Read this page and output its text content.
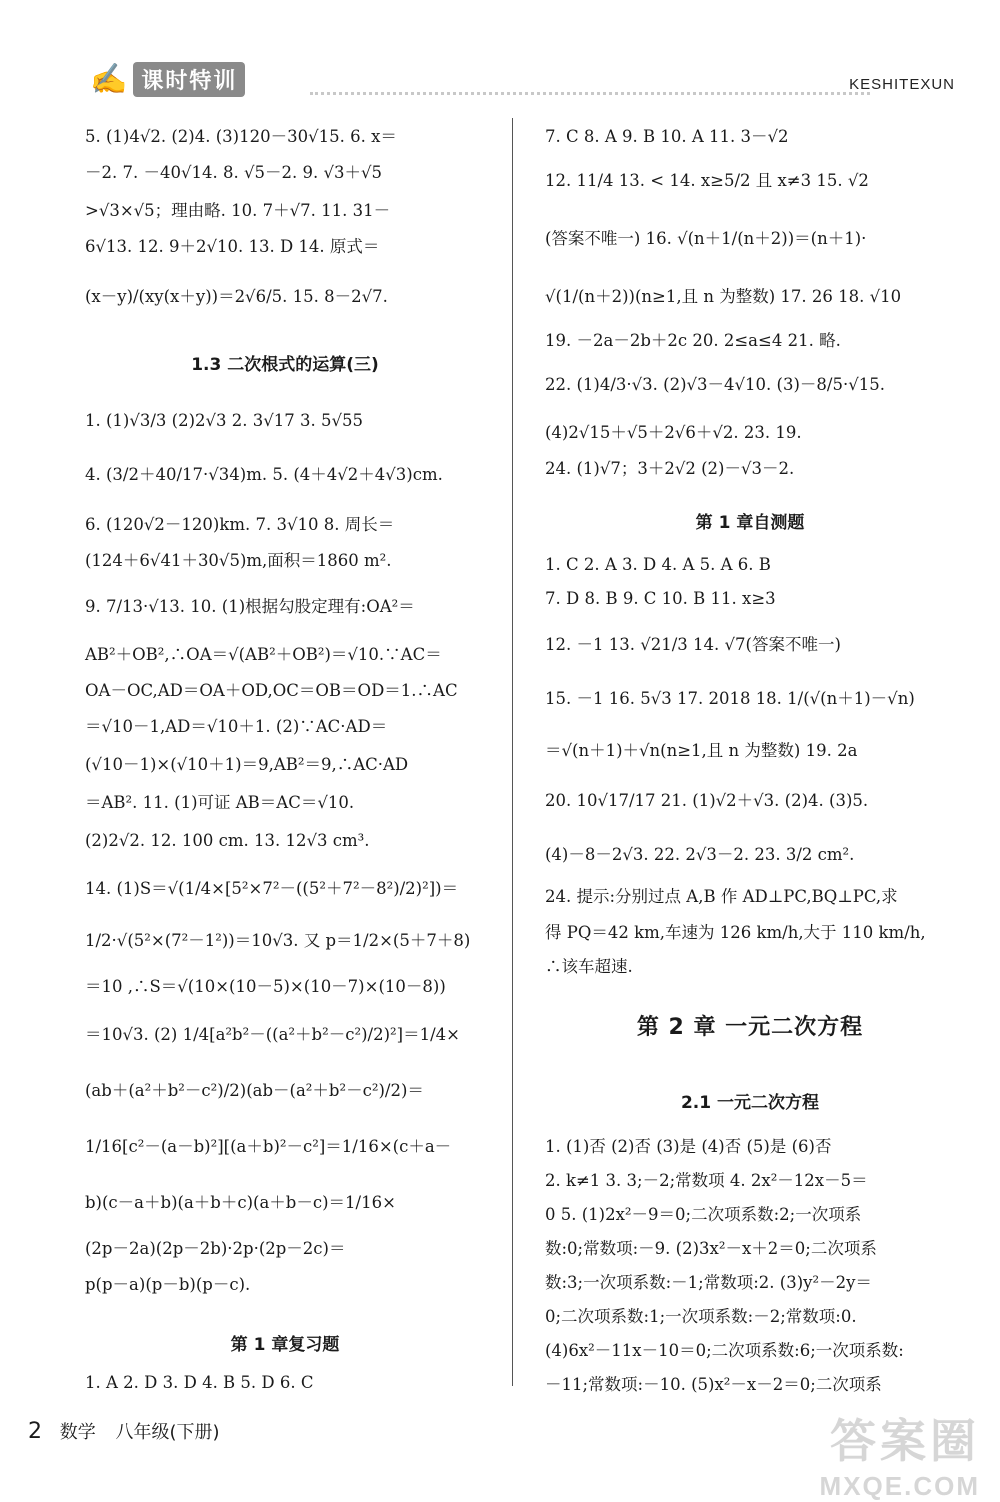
✍ 课时特训	KESHITEXUN
5. (1)4√2. (2)4. (3)120－30√15. 6. x＝
－2. 7. －40√14. 8. √5－2. 9. √3＋√5
>√3×√5；理由略. 10. 7＋√7. 11. 31－
6√13. 12. 9＋2√10. 13. D 14. 原式＝
(x－y)/(xy(x＋y))＝2√6/5. 15. 8－2√7.
1.3 二次根式的运算(三)
1. (1)√3/3 (2)2√3 2. 3√17 3. 5√55
4. (3/2＋40/17·√34)m. 5. (4＋4√2＋4√3)cm.
6. (120√2－120)km. 7. 3√10 8. 周长＝
(124＋6√41＋30√5)m,面积＝1860 m².
9. 7/13·√13. 10. (1)根据勾股定理有:OA²＝
AB²＋OB²,∴OA＝√(AB²＋OB²)＝√10.∵AC＝
OA－OC,AD＝OA＋OD,OC＝OB＝OD＝1.∴AC
＝√10－1,AD＝√10＋1. (2)∵AC·AD＝
(√10－1)×(√10＋1)＝9,AB²＝9,∴AC·AD
＝AB². 11. (1)可证 AB＝AC＝√10.
(2)2√2. 12. 100 cm. 13. 12√3 cm³.
14. (1)S＝√(1/4×[5²×7²－((5²＋7²－8²)/2)²])＝
1/2·√(5²×(7²－1²))＝10√3. 又 p＝1/2×(5＋7＋8)
＝10 ,∴S＝√(10×(10－5)×(10－7)×(10－8))
＝10√3. (2) 1/4[a²b²－((a²＋b²－c²)/2)²]＝1/4×
(ab＋(a²＋b²－c²)/2)(ab－(a²＋b²－c²)/2)＝
1/16[c²－(a－b)²][(a＋b)²－c²]＝1/16×(c＋a－
b)(c－a＋b)(a＋b＋c)(a＋b－c)＝1/16×
(2p－2a)(2p－2b)·2p·(2p－2c)＝
p(p－a)(p－b)(p－c).
第 1 章复习题
1. A 2. D 3. D 4. B 5. D 6. C
7. C 8. A 9. B 10. A 11. 3－√2
12. 11/4 13. < 14. x≥5/2 且 x≠3 15. √2
(答案不唯一) 16. √(n＋1/(n＋2))＝(n＋1)·
√(1/(n＋2))(n≥1,且 n 为整数) 17. 26 18. √10
19. －2a－2b＋2c 20. 2≤a≤4 21. 略.
22. (1)4/3·√3. (2)√3－4√10. (3)－8/5·√15.
(4)2√15＋√5＋2√6＋√2. 23. 19.
24. (1)√7；3＋2√2 (2)－√3－2.
第 1 章自测题
1. C 2. A 3. D 4. A 5. A 6. B
7. D 8. B 9. C 10. B 11. x≥3
12. －1 13. √21/3 14. √7(答案不唯一)
15. －1 16. 5√3 17. 2018 18. 1/(√(n＋1)－√n)
＝√(n＋1)＋√n(n≥1,且 n 为整数) 19. 2a
20. 10√17/17 21. (1)√2＋√3. (2)4. (3)5.
(4)－8－2√3. 22. 2√3－2. 23. 3/2 cm².
24. 提示:分别过点 A,B 作 AD⊥PC,BQ⊥PC,求
得 PQ＝42 km,车速为 126 km/h,大于 110 km/h,
∴该车超速.
第 2 章 一元二次方程
2.1 一元二次方程
1. (1)否 (2)否 (3)是 (4)否 (5)是 (6)否
2. k≠1 3. 3;－2;常数项 4. 2x²－12x－5＝
0 5. (1)2x²－9＝0;二次项系数:2;一次项系
数:0;常数项:－9. (2)3x²－x＋2＝0;二次项系
数:3;一次项系数:－1;常数项:2. (3)y²－2y＝
0;二次项系数:1;一次项系数:－2;常数项:0.
(4)6x²－11x－10＝0;二次项系数:6;一次项系数:
－11;常数项:－10. (5)x²－x－2＝0;二次项系
2 数学 八年级(下册)	答案圈
MXQE.COM
